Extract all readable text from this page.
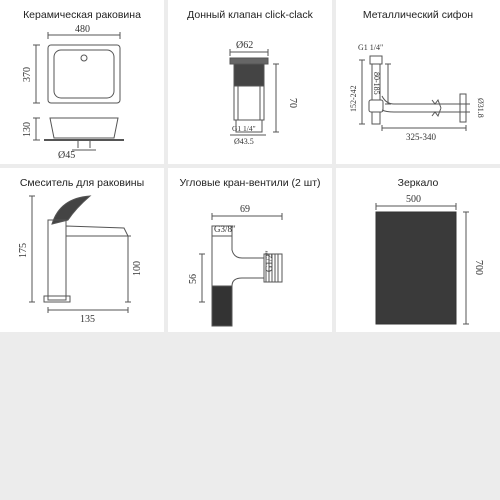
Керамическая раковина
480
370
130
Ø45
Донный клапан click-clack
Ø62
70
G1 1/4"
Ø43.5
Металлический сифон
G1 1/4"
152-242
80-185
325-340
Ø31.8
Смеситель для раковины
175
100
135
Угловые кран-вентили (2 шт)
69
G3/8"
56
G1/2"
Зеркало
500
700
